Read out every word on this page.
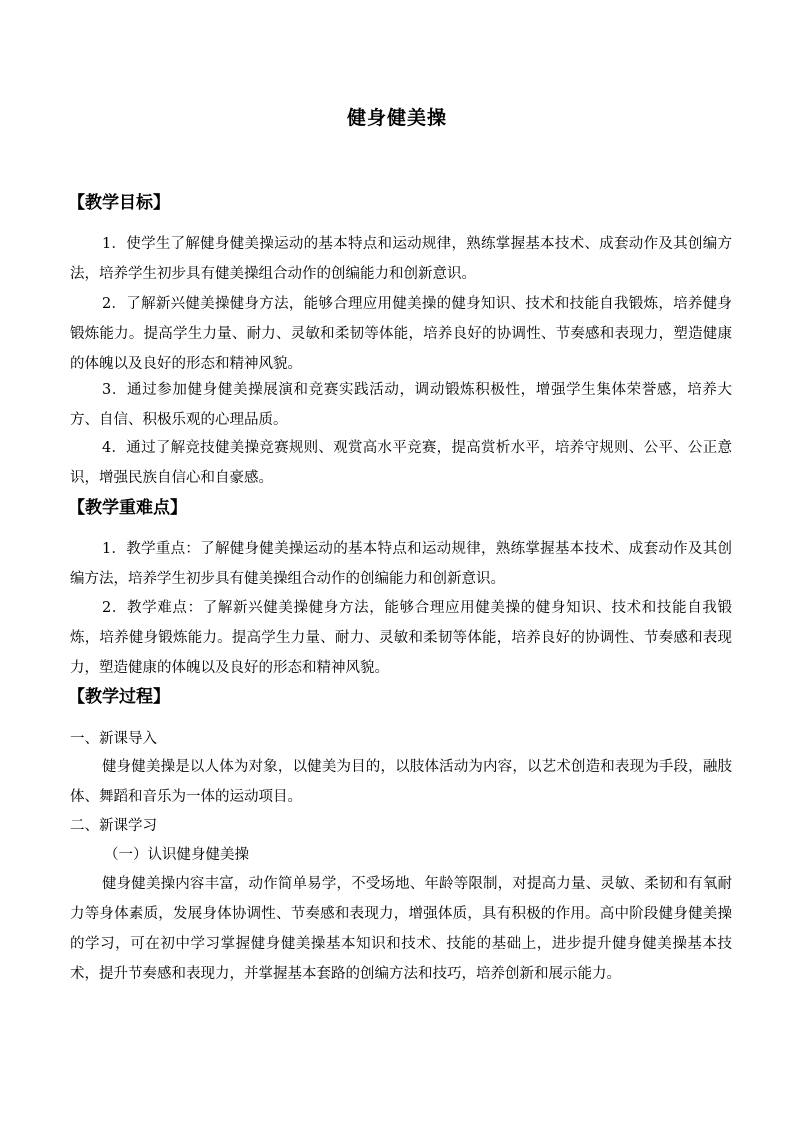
健身健美操
【教学目标】

1．使学生了解健身健美操运动的基本特点和运动规律，熟练掌握基本技术、成套动作及其创编方法，培养学生初步具有健美操组合动作的创编能力和创新意识。

2．了解新兴健美操健身方法，能够合理应用健美操的健身知识、技术和技能自我锻炼，培养健身锻炼能力。提高学生力量、耐力、灵敏和柔韧等体能，培养良好的协调性、节奏感和表现力，塑造健康的体魄以及良好的形态和精神风貌。

3．通过参加健身健美操展演和竞赛实践活动，调动锻炼积极性，增强学生集体荣誉感，培养大方、自信、积极乐观的心理品质。

4．通过了解竞技健美操竞赛规则、观赏高水平竞赛，提高赏析水平，培养守规则、公平、公正意识，增强民族自信心和自豪感。

【教学重难点】

1．教学重点：了解健身健美操运动的基本特点和运动规律，熟练掌握基本技术、成套动作及其创编方法，培养学生初步具有健美操组合动作的创编能力和创新意识。

2．教学难点：了解新兴健美操健身方法，能够合理应用健美操的健身知识、技术和技能自我锻炼，培养健身锻炼能力。提高学生力量、耐力、灵敏和柔韧等体能，培养良好的协调性、节奏感和表现力，塑造健康的体魄以及良好的形态和精神风貌。

【教学过程】

一、新课导入

健身健美操是以人体为对象，以健美为目的，以肢体活动为内容，以艺术创造和表现为手段，融肢体、舞蹈和音乐为一体的运动项目。

二、新课学习

（一）认识健身健美操

健身健美操内容丰富，动作简单易学，不受场地、年龄等限制，对提高力量、灵敏、柔韧和有氧耐力等身体素质，发展身体协调性、节奏感和表现力，增强体质，具有积极的作用。高中阶段健身健美操的学习，可在初中学习掌握健身健美操基本知识和技术、技能的基础上，进步提升健身健美操基本技术，提升节奏感和表现力，并掌握基本套路的创编方法和技巧，培养创新和展示能力。
